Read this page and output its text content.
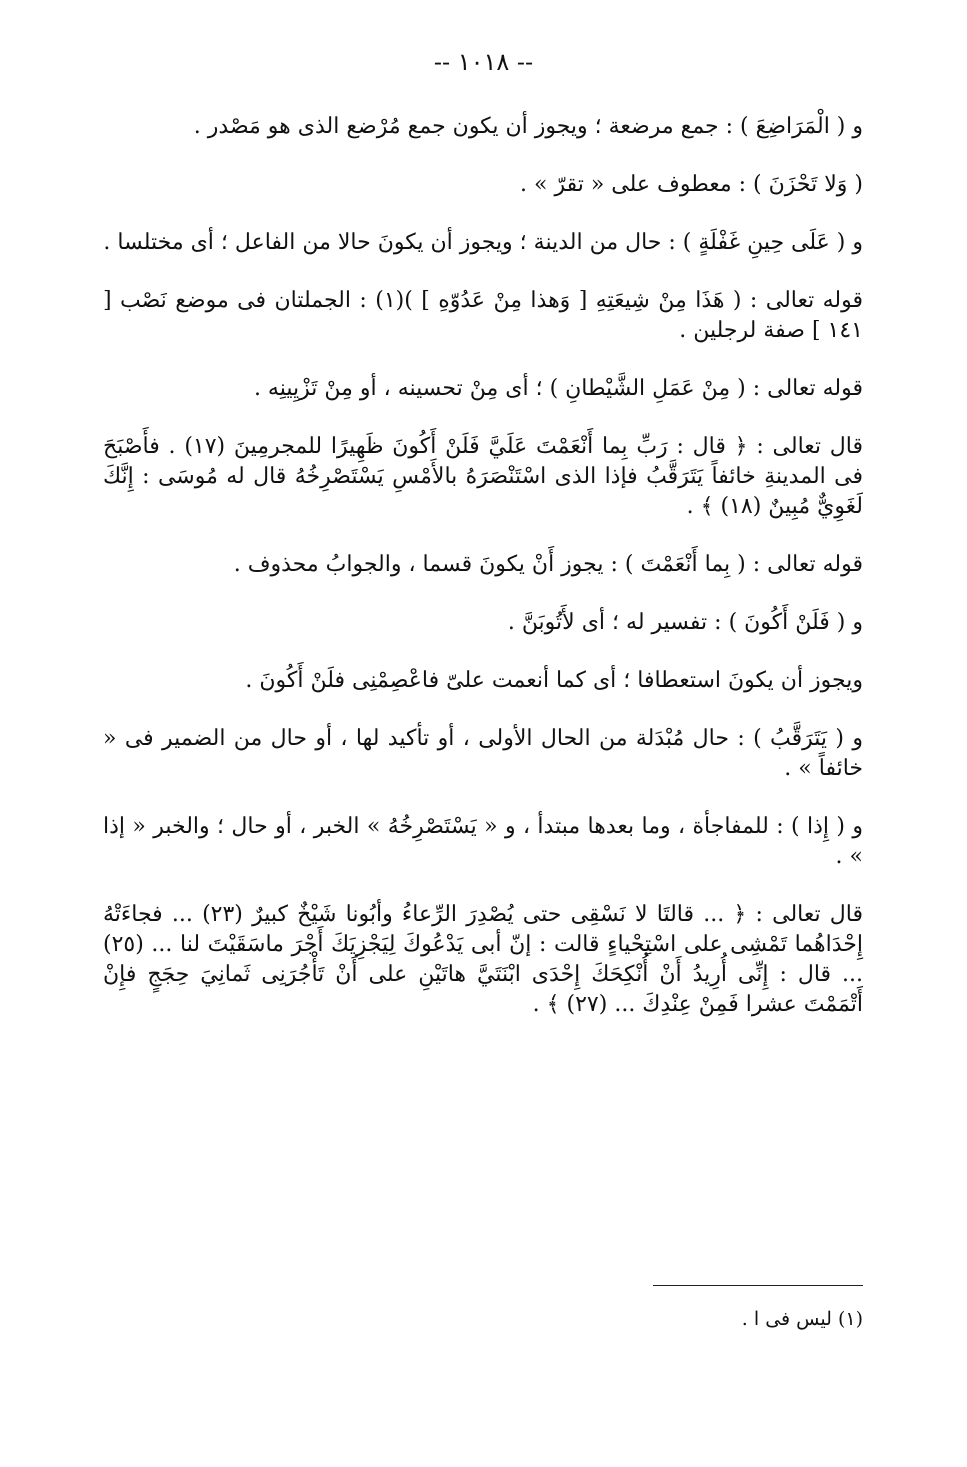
-- ١٠١٨ --

و ( الْمَرَاضِعَ ) : جمع مرضعة ؛ ويجوز أن يكون جمع مُرْضع الذى هو مَصْدر .

( وَلا تَحْزَنَ ) : معطوف على « تقرّ » .

و ( عَلَى حِينِ غَفْلَةٍ ) : حال من الدينة ؛ ويجوز أن يكونَ حالا من الفاعل ؛ أى مختلسا .

قوله تعالى : ( هَذَا مِنْ شِيعَتِهِ [ وَهذا مِنْ عَدُوّهِ ] )(١) : الجملتان فى موضع نَصْب [ ١٤١ ] صفة لرجلين .

قوله تعالى : ( مِنْ عَمَلِ الشَّيْطانِ ) ؛ أى مِنْ تحسينه ، أو مِنْ تَزْيِينِه .

قال تعالى : ﴿ قال : رَبِّ بِما أَنْعَمْتَ عَلَيَّ فَلَنْ أَكُونَ ظَهِيرًا للمجرمِينَ (١٧) . فأَصْبَحَ فى المدينةِ خائفاً يَتَرَقَّبُ فإذا الذى اسْتَنْصَرَهُ بالأَمْسِ يَسْتَصْرِخُهُ قال له مُوسَى : إِنَّكَ لَغَوِيٌّ مُبِينٌ (١٨) ﴾ .

قوله تعالى : ( بِما أَنْعَمْتَ ) : يجوز أَنْ يكونَ قسما ، والجوابُ محذوف .

و ( فَلَنْ أَكُونَ ) : تفسير له ؛ أى لأَتُوبَنَّ .

ويجوز أن يكونَ استعطافا ؛ أى كما أنعمت علىّ فاعْصِمْنِى فلَنْ أَكُونَ .

و ( يَتَرَقَّبُ ) : حال مُبْدَلة من الحال الأولى ، أو تأكيد لها ، أو حال من الضمير فى « خائفاً » .

و ( إِذا ) : للمفاجأة ، وما بعدها مبتدأ ، و « يَسْتَصْرِخُهُ » الخبر ، أو حال ؛ والخبر « إذا » .

قال تعالى : ﴿ ... قالتَا لا نَسْقِى حتى يُصْدِرَ الرِّعاءُ وأبُونا شَيْخٌ كبيرٌ (٢٣) ... فجاءَتْهُ إِحْدَاهُما تَمْشِى على اسْتِحْياءٍ قالت : إنّ أبى يَدْعُوكَ لِيَجْزِيَكَ أَجْرَ ماسَقَيْتَ لنا ... (٢٥) ... قال : إِنِّى أُرِيدُ أَنْ أُنْكِحَكَ إِحْدَى ابْنَتَيَّ هاتَيْنِ على أَنْ تَأْجُرَنِى ثَمانِيَ حِجَجٍ فإِنْ أَتْمَمْتَ عشرا فَمِنْ عِنْدِكَ ... (٢٧) ﴾ .

(١) ليس فى ا .
